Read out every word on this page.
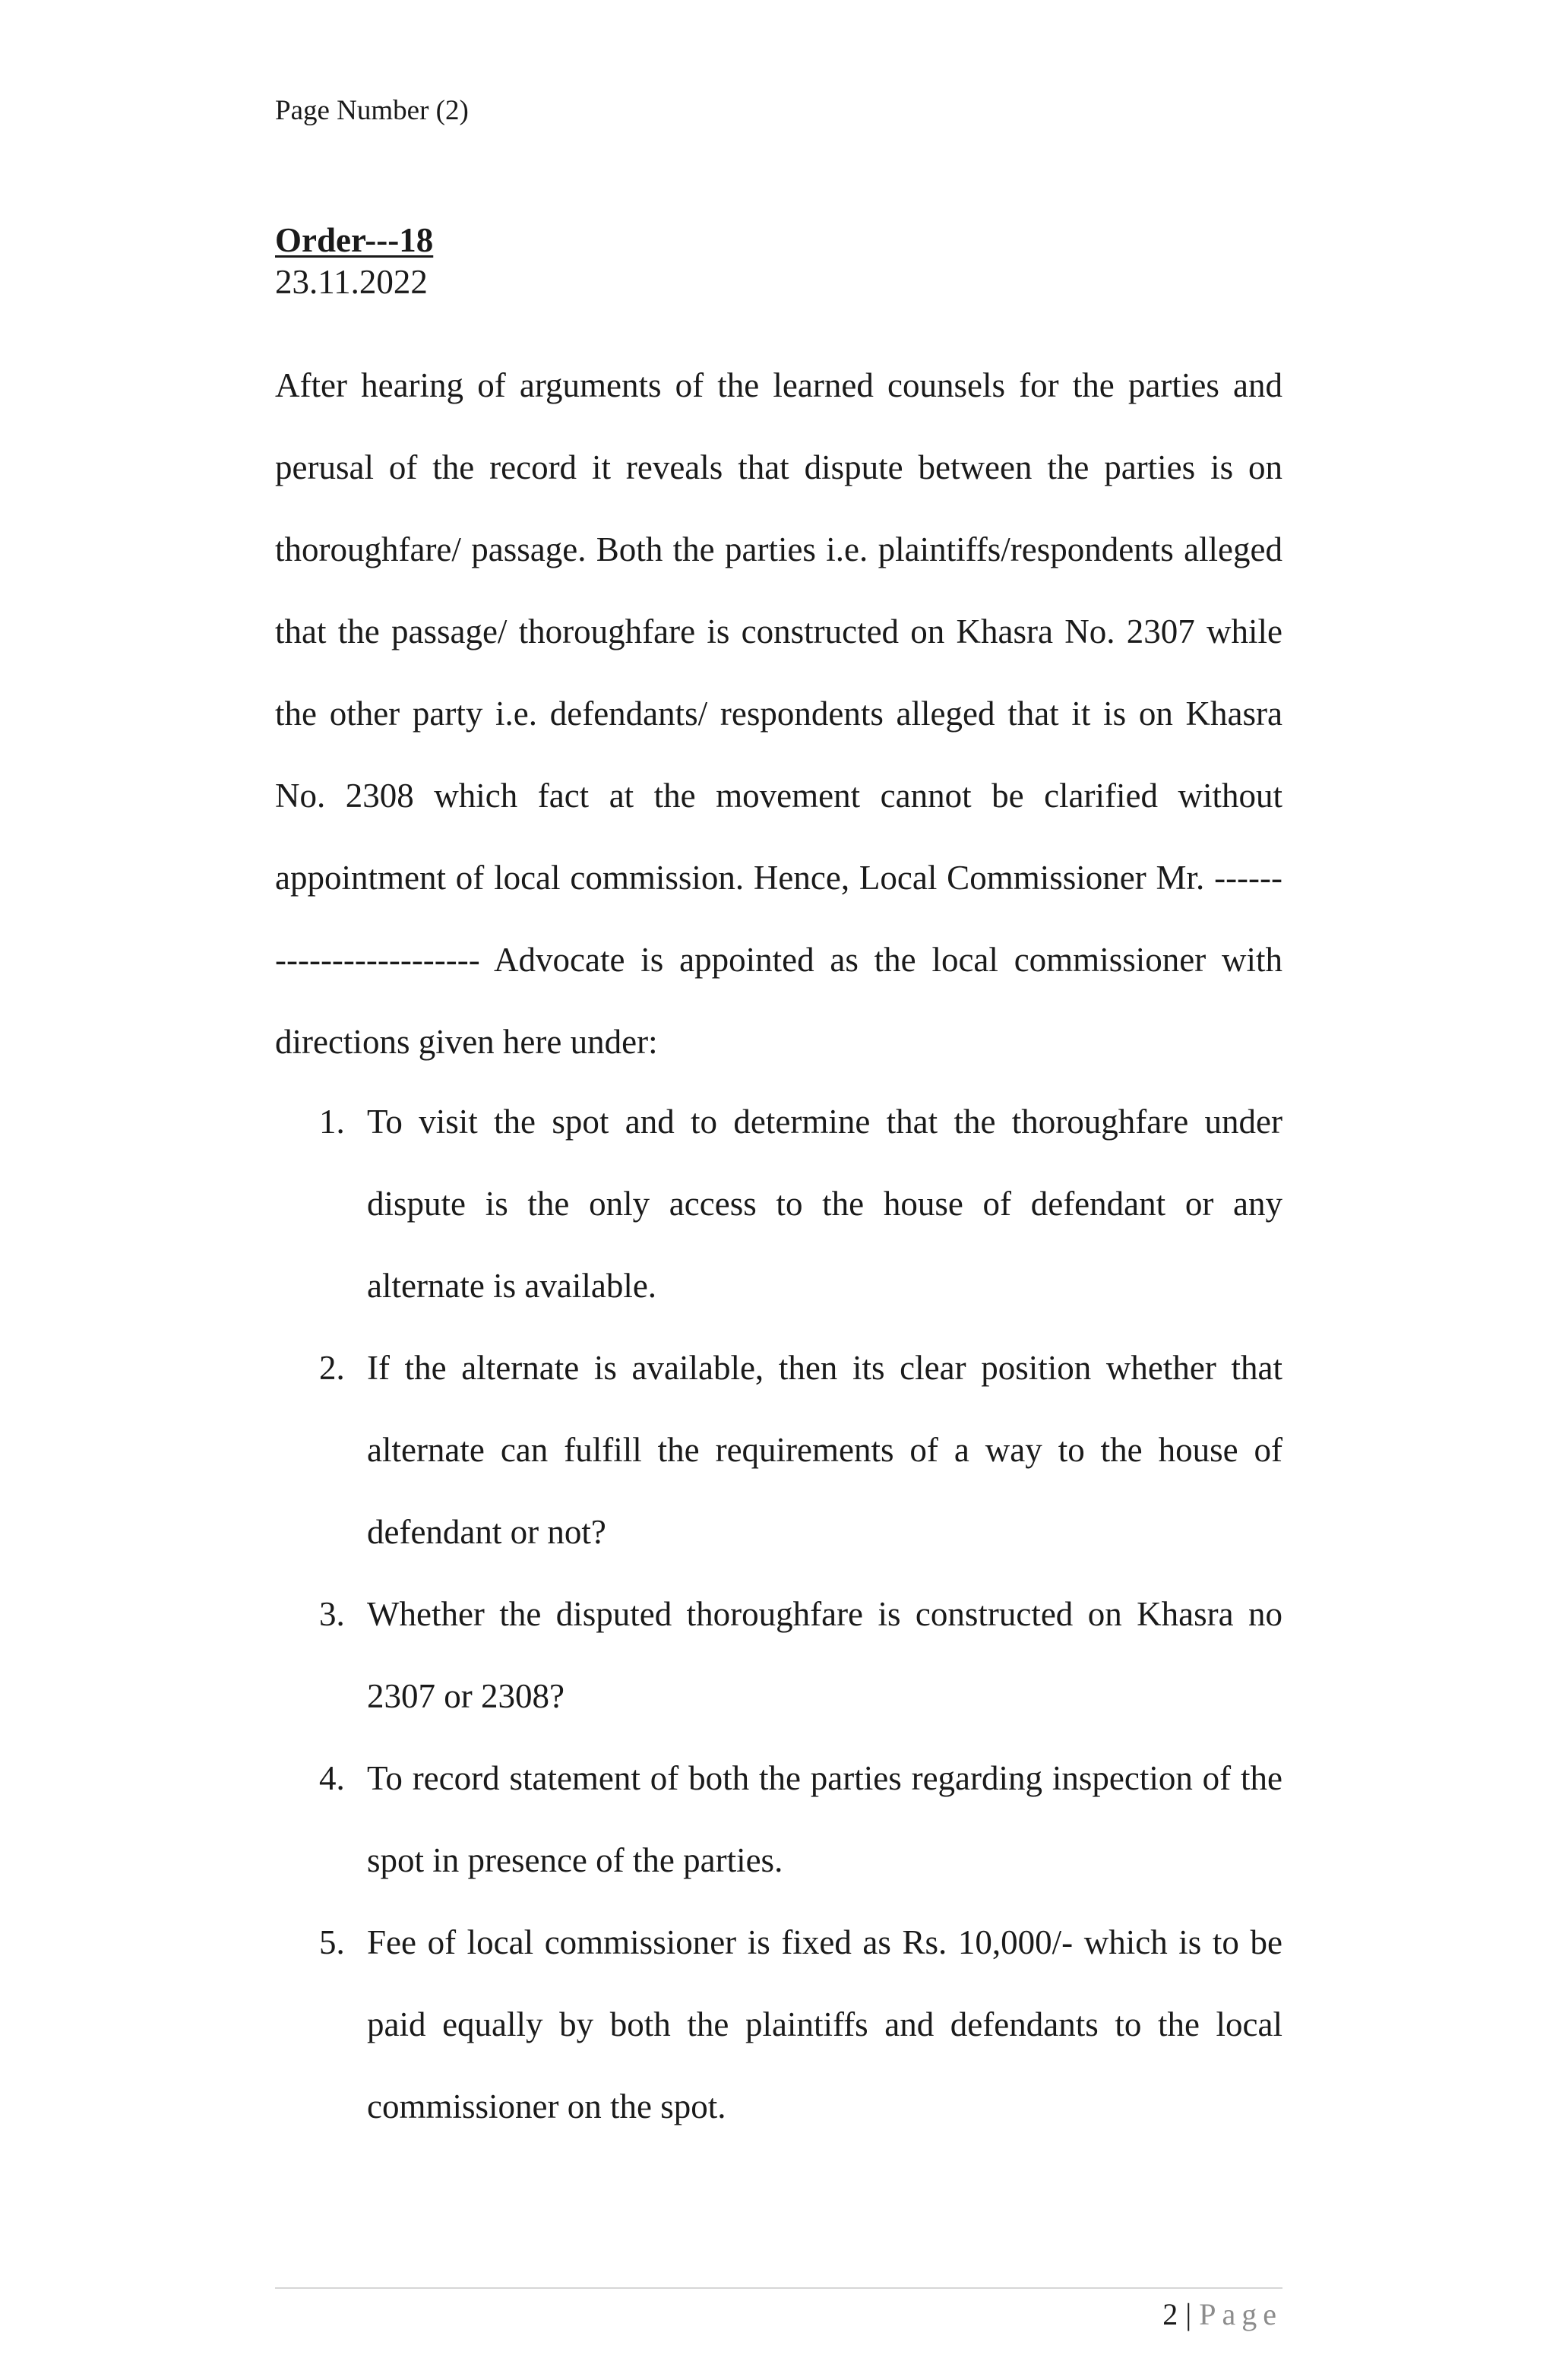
Page Number (2)
Order---18
23.11.2022

After hearing of arguments of the learned counsels for the parties and perusal of the record it reveals that dispute between the parties is on thoroughfare/ passage. Both the parties i.e. plaintiffs/respondents alleged that the passage/ thoroughfare is constructed on Khasra No. 2307 while the other party i.e. defendants/ respondents alleged that it is on Khasra No. 2308 which fact at the movement cannot be clarified without appointment of local commission. Hence, Local Commissioner Mr. ------------------------ Advocate is appointed as the local commissioner with directions given here under:

1. To visit the spot and to determine that the thoroughfare under dispute is the only access to the house of defendant or any alternate is available.
2. If the alternate is available, then its clear position whether that alternate can fulfill the requirements of a way to the house of defendant or not?
3. Whether the disputed thoroughfare is constructed on Khasra no 2307 or 2308?
4. To record statement of both the parties regarding inspection of the spot in presence of the parties.
5. Fee of local commissioner is fixed as Rs. 10,000/- which is to be paid equally by both the plaintiffs and defendants to the local commissioner on the spot.
2 | Page
